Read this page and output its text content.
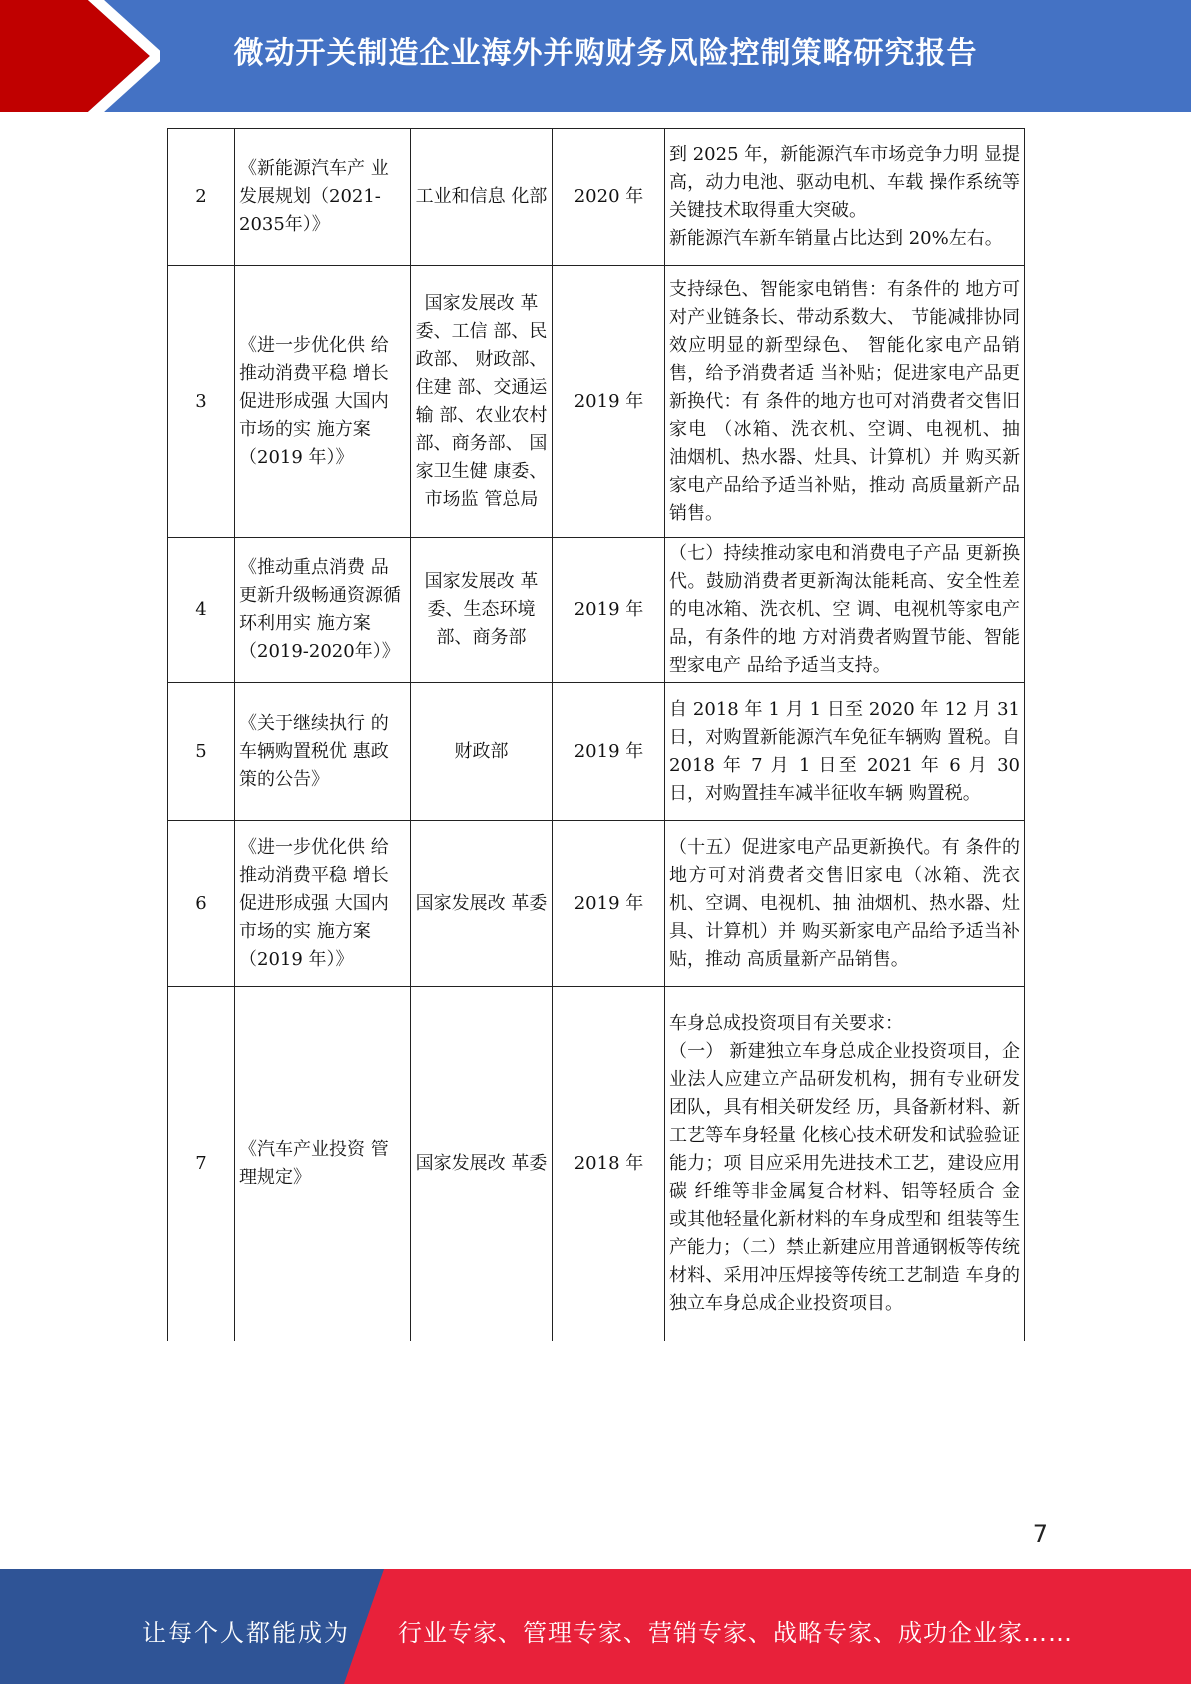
微动开关制造企业海外并购财务风险控制策略研究报告
2	《新能源汽车产 业发展规划（2021-2035年）》	工业和信息 化部	2020 年	到 2025 年，新能源汽车市场竞争力明 显提高，动力电池、驱动电机、车载 操作系统等关键技术取得重大突破。
新能源汽车新车销量占比达到 20%左右。

3	《进一步优化供 给推动消费平稳 增长促进形成强 大国内市场的实 施方案（2019 年）》	国家发展改 革委、工信 部、民政部、 财政部、住建 部、交通运输 部、农业农村 部、商务部、 国家卫生健 康委、市场监 管总局	2019 年	支持绿色、智能家电销售：有条件的 地方可对产业链条长、带动系数大、 节能减排协同效应明显的新型绿色、 智能化家电产品销售，给予消费者适 当补贴；促进家电产品更新换代：有 条件的地方也可对消费者交售旧家电 （冰箱、洗衣机、空调、电视机、抽 油烟机、热水器、灶具、计算机）并 购买新家电产品给予适当补贴，推动 高质量新产品销售。

4	《推动重点消费 品更新升级畅通资源循环利用实 施方案（2019-2020年）》	国家发展改 革委、生态环境部、商务部	2019 年	（七）持续推动家电和消费电子产品 更新换代。鼓励消费者更新淘汰能耗高、安全性差的电冰箱、洗衣机、空 调、电视机等家电产品，有条件的地 方对消费者购置节能、智能型家电产 品给予适当支持。

5	《关于继续执行 的车辆购置税优 惠政策的公告》	财政部	2019 年	自 2018 年 1 月 1 日至 2020 年 12 月 31 日，对购置新能源汽车免征车辆购 置税。自 2018 年 7 月 1 日至 2021 年 6 月 30 日，对购置挂车减半征收车辆 购置税。

6	《进一步优化供 给推动消费平稳 增长促进形成强 大国内市场的实 施方案（2019 年）》	国家发展改 革委	2019 年	（十五）促进家电产品更新换代。有 条件的地方可对消费者交售旧家电（冰箱、洗衣机、空调、电视机、抽 油烟机、热水器、灶具、计算机）并 购买新家电产品给予适当补贴，推动 高质量新产品销售。

7	《汽车产业投资 管理规定》	国家发展改 革委	2018 年	车身总成投资项目有关要求：
（一） 新建独立车身总成企业投资项目，企业法人应建立产品研发机构，拥有专业研发团队，具有相关研发经 历，具备新材料、新工艺等车身轻量 化核心技术研发和试验验证能力；项 目应采用先进技术工艺，建设应用碳 纤维等非金属复合材料、铝等轻质合 金或其他轻量化新材料的车身成型和 组装等生产能力；（二）禁止新建应用普通钢板等传统 材料、采用冲压焊接等传统工艺制造 车身的独立车身总成企业投资项目。
7
让每个人都能成为 行业专家、管理专家、营销专家、战略专家、成功企业家……
